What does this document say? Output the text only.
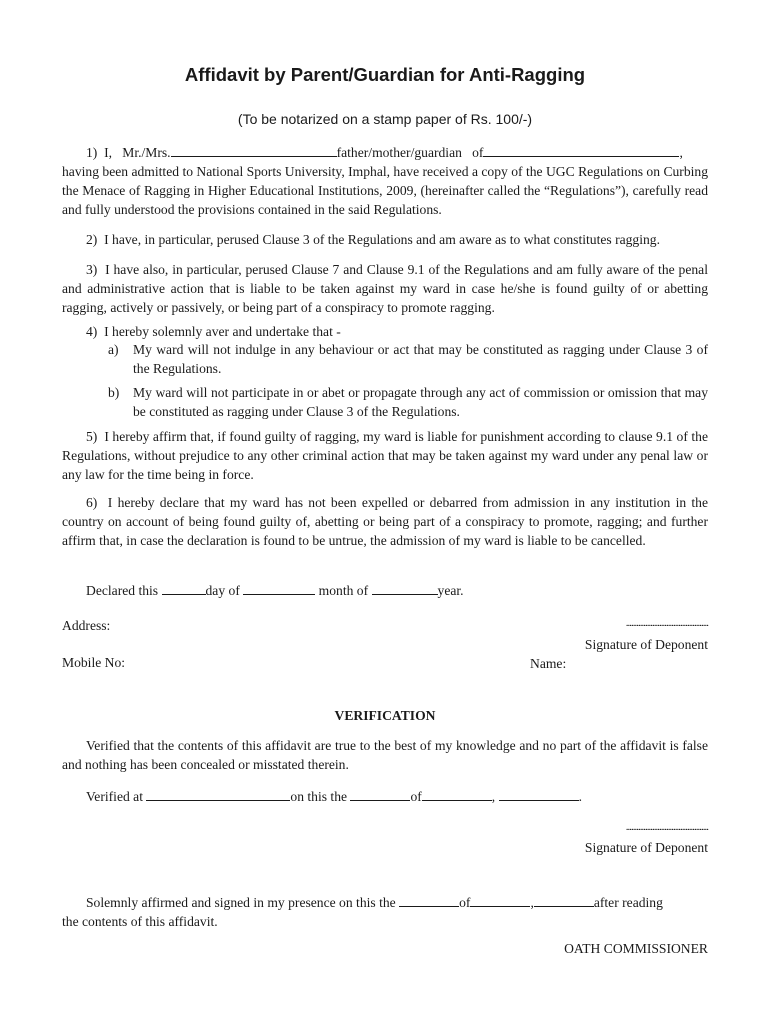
Affidavit by Parent/Guardian for Anti-Ragging
(To be notarized on a stamp paper of Rs. 100/-)
1)  I,   Mr./Mrs.	father/mother/guardian   of	,
having been admitted to National Sports University, Imphal, have received a copy of the UGC Regulations on Curbing the Menace of Ragging in Higher Educational Institutions, 2009, (hereinafter called the “Regulations”), carefully read and fully understood the provisions contained in the said Regulations.
2)  I have, in particular, perused Clause 3 of the Regulations and am aware as to what constitutes ragging.
3)  I have also, in particular, perused Clause 7 and Clause 9.1 of the Regulations and am fully aware of the penal and administrative action that is liable to be taken against my ward in case he/she is found guilty of or abetting ragging, actively or passively, or being part of a conspiracy to promote ragging.
4)  I hereby solemnly aver and undertake that -
a) My ward will not indulge in any behaviour or act that may be constituted as ragging under Clause 3 of the Regulations.
b) My ward will not participate in or abet or propagate through any act of commission or omission that may be constituted as ragging under Clause 3 of the Regulations.
5)  I hereby affirm that, if found guilty of ragging, my ward is liable for punishment according to clause 9.1 of the Regulations, without prejudice to any other criminal action that may be taken against my ward under any penal law or any law for the time being in force.
6)  I hereby declare that my ward has not been expelled or debarred from admission in any institution in the country on account of being found guilty of, abetting or being part of a conspiracy to promote, ragging; and further affirm that, in case the declaration is found to be untrue, the admission of my ward is liable to be cancelled.
Declared this	day of	month of	year.
Address:	...............................................
Signature of Deponent
Mobile No:	Name:
VERIFICATION
Verified that the contents of this affidavit are true to the best of my knowledge and no part of the affidavit is false and nothing has been concealed or misstated therein.
Verified at	on this the	of	,	.
...............................................
Signature of Deponent
Solemnly affirmed and signed in my presence on this the	of	,	after reading
the contents of this affidavit.
OATH COMMISSIONER
